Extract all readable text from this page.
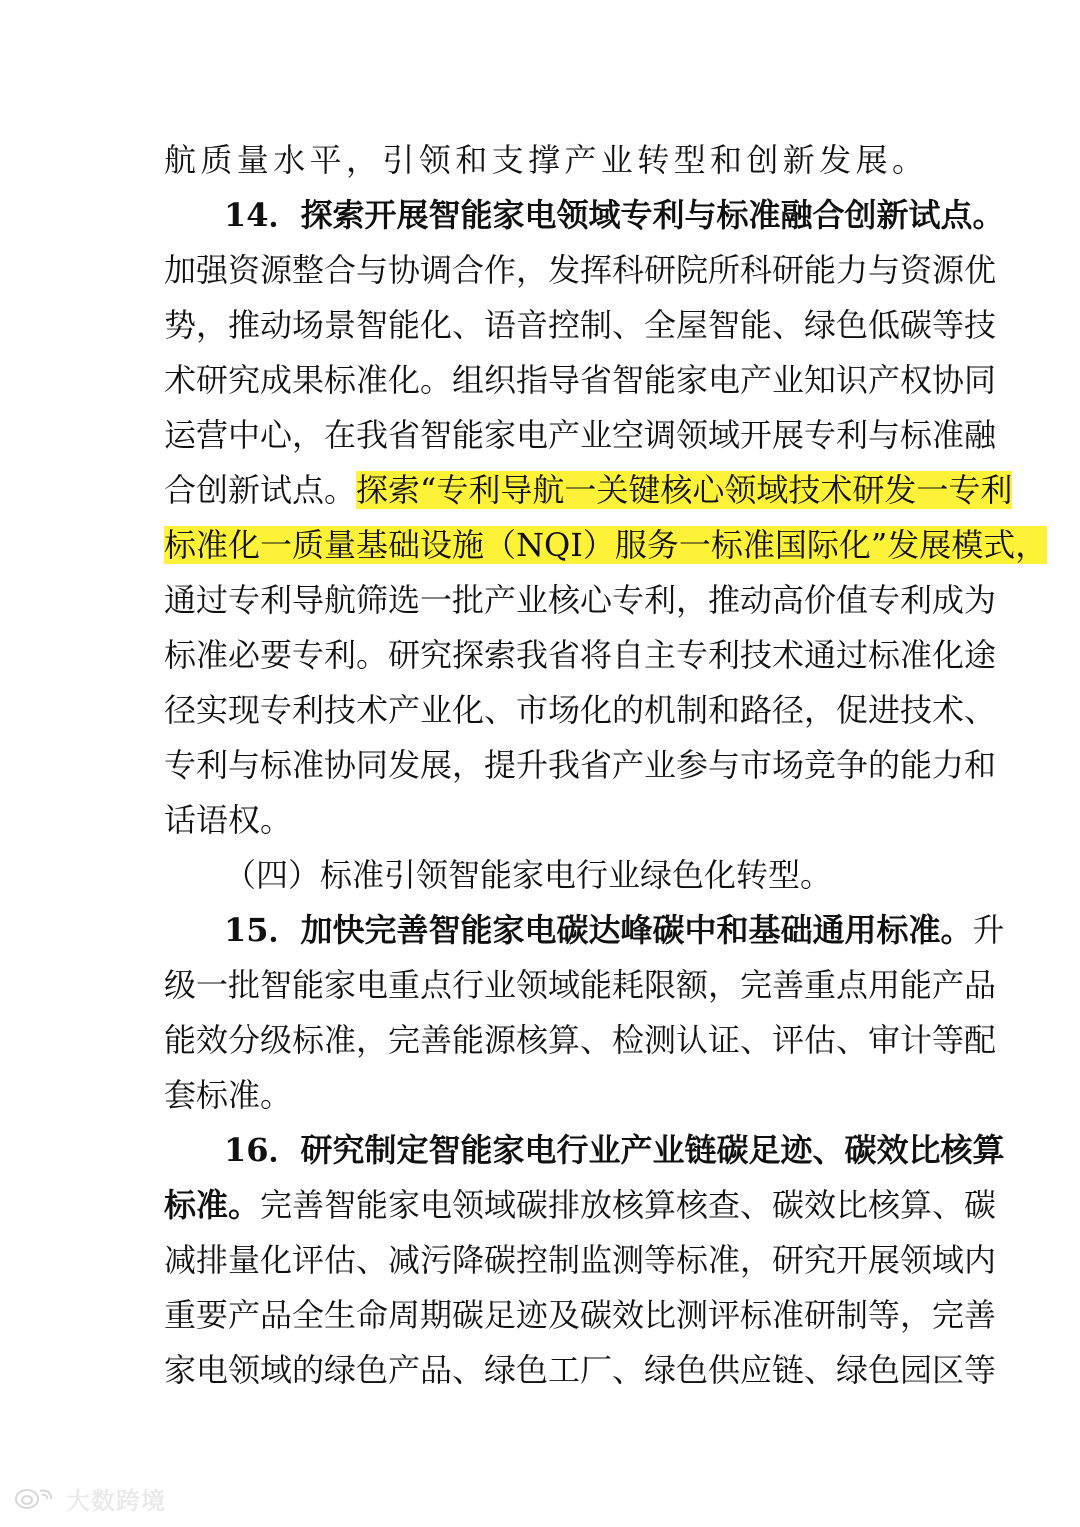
航质量水平，引领和支撑产业转型和创新发展。
14．探索开展智能家电领域专利与标准融合创新试点。
加强资源整合与协调合作，发挥科研院所科研能力与资源优
势，推动场景智能化、语音控制、全屋智能、绿色低碳等技
术研究成果标准化。组织指导省智能家电产业知识产权协同
运营中心，在我省智能家电产业空调领域开展专利与标准融
合创新试点。探索“专利导航一关键核心领域技术研发一专利
标准化一质量基础设施（NQI）服务一标准国际化”发展模式，
通过专利导航筛选一批产业核心专利，推动高价值专利成为
标准必要专利。研究探索我省将自主专利技术通过标准化途
径实现专利技术产业化、市场化的机制和路径，促进技术、
专利与标准协同发展，提升我省产业参与市场竞争的能力和
话语权。
（四）标准引领智能家电行业绿色化转型。
15．加快完善智能家电碳达峰碳中和基础通用标准。升
级一批智能家电重点行业领域能耗限额，完善重点用能产品
能效分级标准，完善能源核算、检测认证、评估、审计等配
套标准。
16．研究制定智能家电行业产业链碳足迹、碳效比核算
标准。完善智能家电领域碳排放核算核查、碳效比核算、碳
减排量化评估、减污降碳控制监测等标准，研究开展领域内
重要产品全生命周期碳足迹及碳效比测评标准研制等，完善
家电领域的绿色产品、绿色工厂、绿色供应链、绿色园区等
大数跨境
